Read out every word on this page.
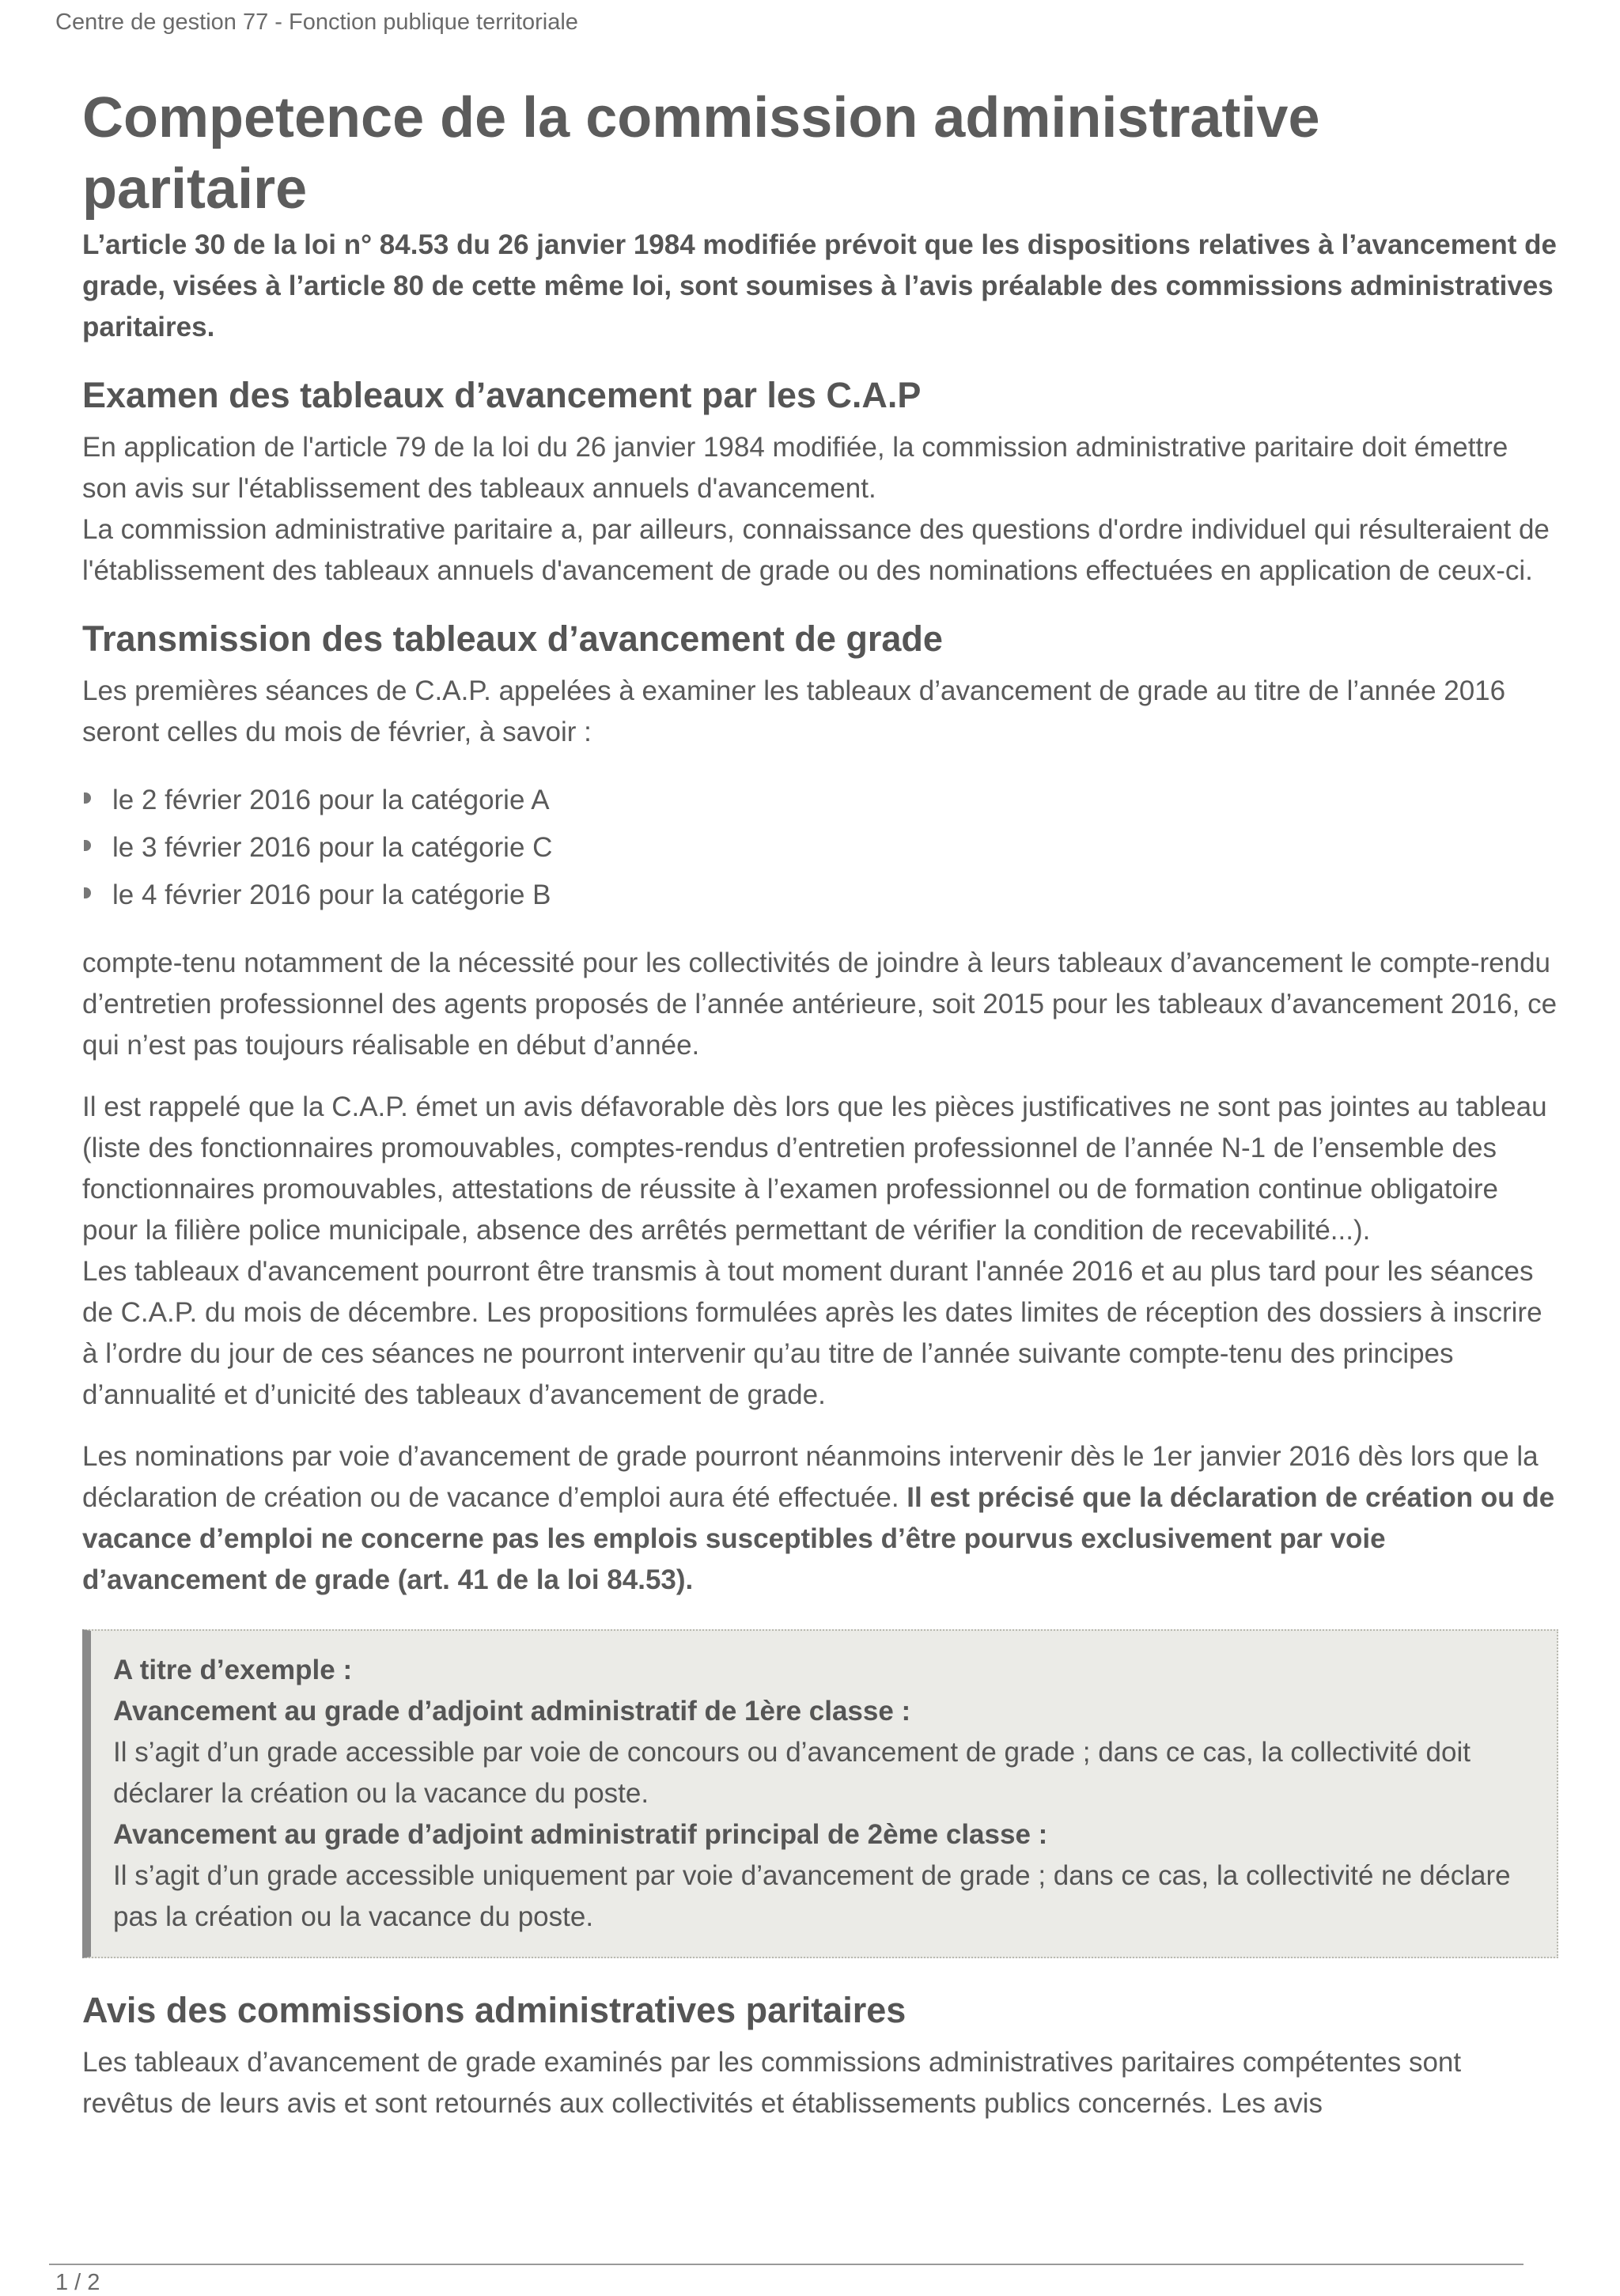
Centre de gestion 77 - Fonction publique territoriale
Competence de la commission administrative paritaire

L’article 30 de la loi n° 84.53 du 26 janvier 1984 modifiée prévoit que les dispositions relatives à l’avancement de grade, visées à l’article 80 de cette même loi, sont soumises à l’avis préalable des commissions administratives paritaires.

Examen des tableaux d’avancement par les C.A.P

En application de l'article 79 de la loi du 26 janvier 1984 modifiée, la commission administrative paritaire doit émettre son avis sur l'établissement des tableaux annuels d'avancement.

La commission administrative paritaire a, par ailleurs, connaissance des questions d'ordre individuel qui résulteraient de l'établissement des tableaux annuels d'avancement de grade ou des nominations effectuées en application de ceux-ci.

Transmission des tableaux d’avancement de grade

Les premières séances de C.A.P. appelées à examiner les tableaux d’avancement de grade au titre de l’année 2016 seront celles du mois de février, à savoir :

le 2 février 2016 pour la catégorie A
le 3 février 2016 pour la catégorie C
le 4 février 2016 pour la catégorie B

compte-tenu notamment de la nécessité pour les collectivités de joindre à leurs tableaux d’avancement le compte-rendu d’entretien professionnel des agents proposés de l’année antérieure, soit 2015 pour les tableaux d’avancement 2016, ce qui n’est pas toujours réalisable en début d’année.

Il est rappelé que la C.A.P. émet un avis défavorable dès lors que les pièces justificatives ne sont pas jointes au tableau (liste des fonctionnaires promouvables, comptes-rendus d’entretien professionnel de l’année N-1 de l’ensemble des fonctionnaires promouvables, attestations de réussite à l’examen professionnel ou de formation continue obligatoire pour la filière police municipale, absence des arrêtés permettant de vérifier la condition de recevabilité...).

Les tableaux d'avancement pourront être transmis à tout moment durant l'année 2016 et au plus tard pour les séances de C.A.P. du mois de décembre. Les propositions formulées après les dates limites de réception des dossiers à inscrire à l’ordre du jour de ces séances ne pourront intervenir qu’au titre de l’année suivante compte-tenu des principes d’annualité et d’unicité des tableaux d’avancement de grade.

Les nominations par voie d’avancement de grade pourront néanmoins intervenir dès le 1er janvier 2016 dès lors que la déclaration de création ou de vacance d’emploi aura été effectuée. Il est précisé que la déclaration de création ou de vacance d’emploi ne concerne pas les emplois susceptibles d’être pourvus exclusivement par voie d’avancement de grade (art. 41 de la loi 84.53).

A titre d’exemple :

Avancement au grade d’adjoint administratif de 1ère classe :

Il s’agit d’un grade accessible par voie de concours ou d’avancement de grade ; dans ce cas, la collectivité doit déclarer la création ou la vacance du poste.

Avancement au grade d’adjoint administratif principal de 2ème classe :

Il s’agit d’un grade accessible uniquement par voie d’avancement de grade ; dans ce cas, la collectivité ne déclare pas la création ou la vacance du poste.

Avis des commissions administratives paritaires

Les tableaux d’avancement de grade examinés par les commissions administratives paritaires compétentes sont revêtus de leurs avis et sont retournés aux collectivités et établissements publics concernés. Les avis

1 / 2
